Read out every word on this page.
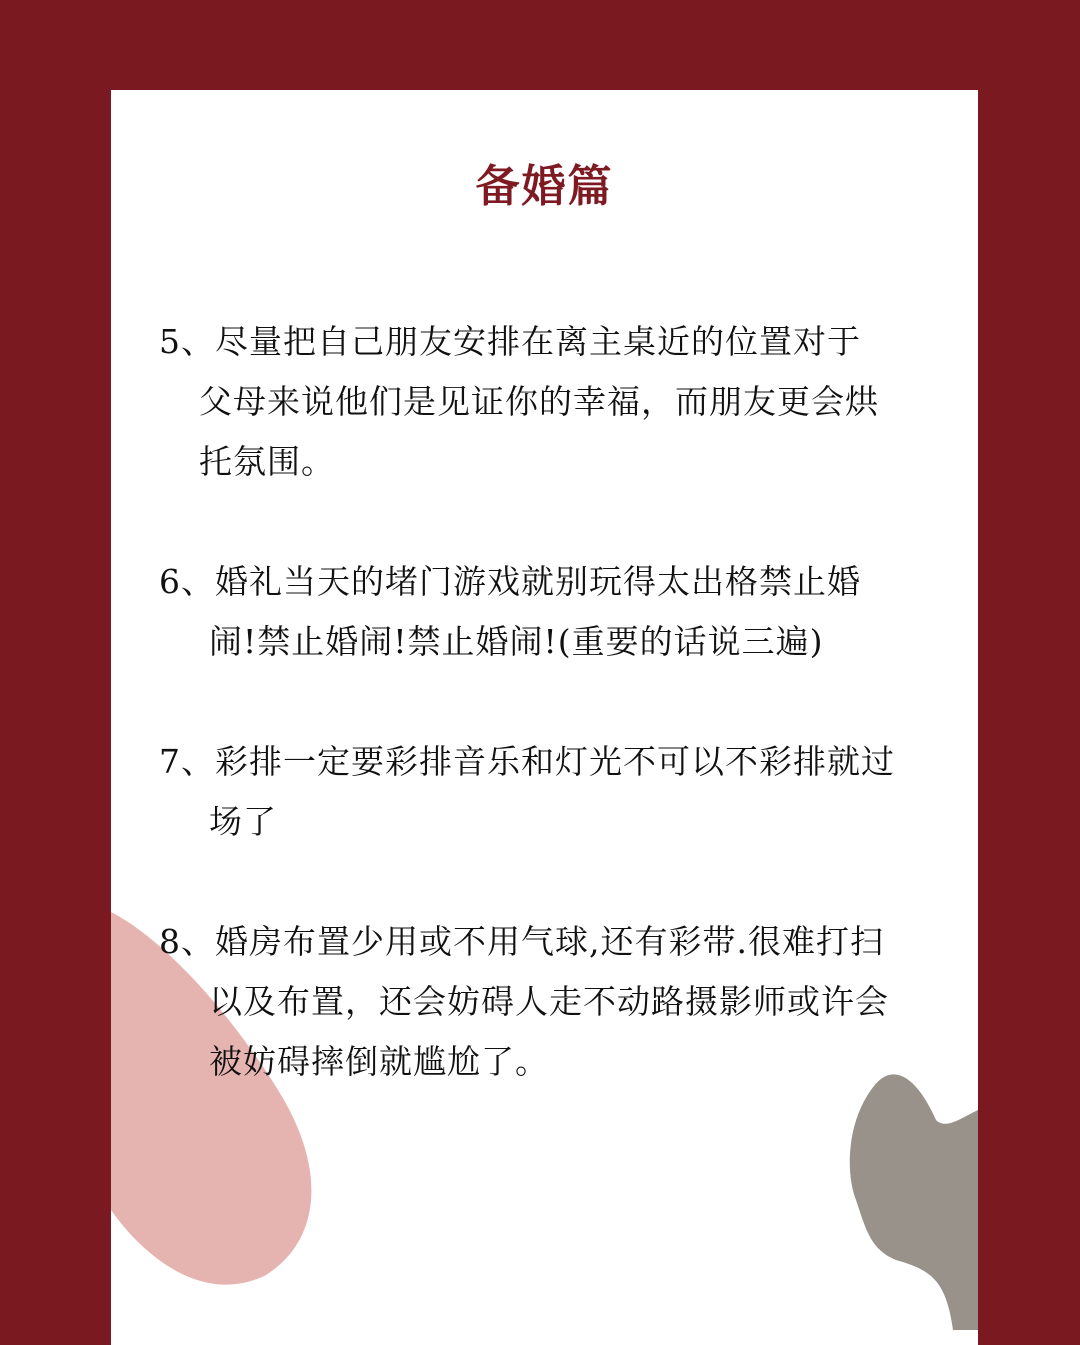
备婚篇
5、尽量把自己朋友安排在离主桌近的位置对于
父母来说他们是见证你的幸福，而朋友更会烘
托氛围。
6、婚礼当天的堵门游戏就别玩得太出格禁止婚
闹!禁止婚闹!禁止婚闹!(重要的话说三遍)
7、彩排一定要彩排音乐和灯光不可以不彩排就过
场了
8、婚房布置少用或不用气球,还有彩带.很难打扫
以及布置，还会妨碍人走不动路摄影师或许会
被妨碍摔倒就尴尬了。
